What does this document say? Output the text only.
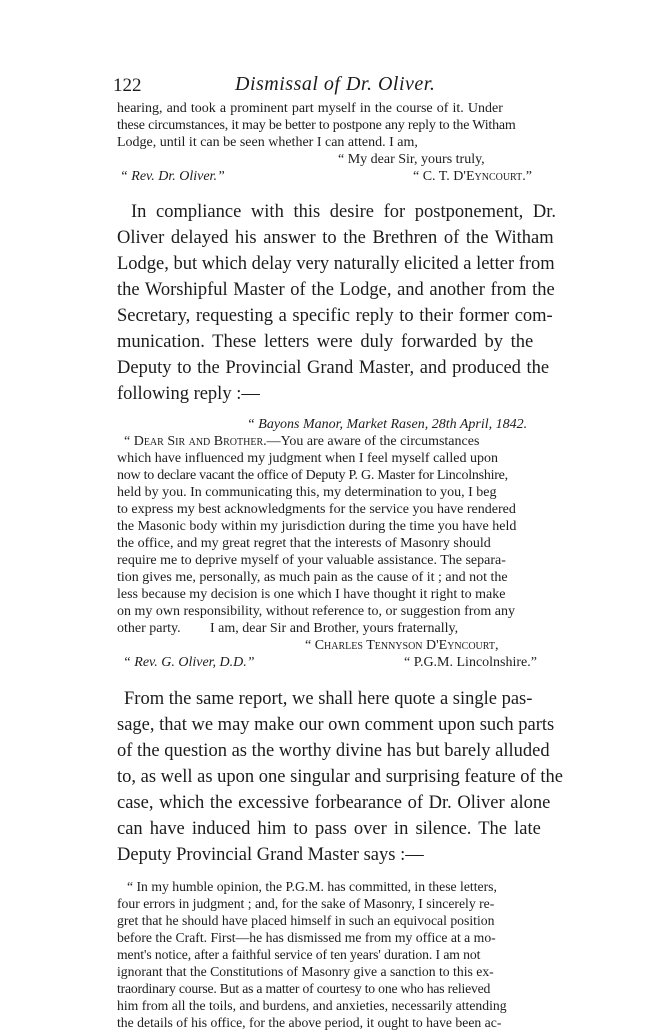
122	Dismissal of Dr. Oliver.
hearing, and took a prominent part myself in the course of it. Under
these circumstances, it may be better to postpone any reply to the Witham
Lodge, until it can be seen whether I can attend. I am,
“ My dear Sir, yours truly,
“ Rev. Dr. Oliver.”	“ C. T. D'Eyncourt.”
In compliance with this desire for postponement, Dr.
Oliver delayed his answer to the Brethren of the Witham
Lodge, but which delay very naturally elicited a letter from
the Worshipful Master of the Lodge, and another from the
Secretary, requesting a specific reply to their former com-
munication. These letters were duly forwarded by the
Deputy to the Provincial Grand Master, and produced the
following reply :—
“ Bayons Manor, Market Rasen, 28th April, 1842.
“ Dear Sir and Brother.—You are aware of the circumstances
which have influenced my judgment when I feel myself called upon
now to declare vacant the office of Deputy P. G. Master for Lincolnshire,
held by you. In communicating this, my determination to you, I beg
to express my best acknowledgments for the service you have rendered
the Masonic body within my jurisdiction during the time you have held
the office, and my great regret that the interests of Masonry should
require me to deprive myself of your valuable assistance. The separa-
tion gives me, personally, as much pain as the cause of it ; and not the
less because my decision is one which I have thought it right to make
on my own responsibility, without reference to, or suggestion from any
other party. I am, dear Sir and Brother, yours fraternally,
“ Charles Tennyson D'Eyncourt,
“ Rev. G. Oliver, D.D.”	“ P.G.M. Lincolnshire.”
From the same report, we shall here quote a single pas-
sage, that we may make our own comment upon such parts
of the question as the worthy divine has but barely alluded
to, as well as upon one singular and surprising feature of the
case, which the excessive forbearance of Dr. Oliver alone
can have induced him to pass over in silence. The late
Deputy Provincial Grand Master says :—
“ In my humble opinion, the P.G.M. has committed, in these letters,
four errors in judgment ; and, for the sake of Masonry, I sincerely re-
gret that he should have placed himself in such an equivocal position
before the Craft. First—he has dismissed me from my office at a mo-
ment's notice, after a faithful service of ten years' duration. I am not
ignorant that the Constitutions of Masonry give a sanction to this ex-
traordinary course. But as a matter of courtesy to one who has relieved
him from all the toils, and burdens, and anxieties, necessarily attending
the details of his office, for the above period, it ought to have been ac-
